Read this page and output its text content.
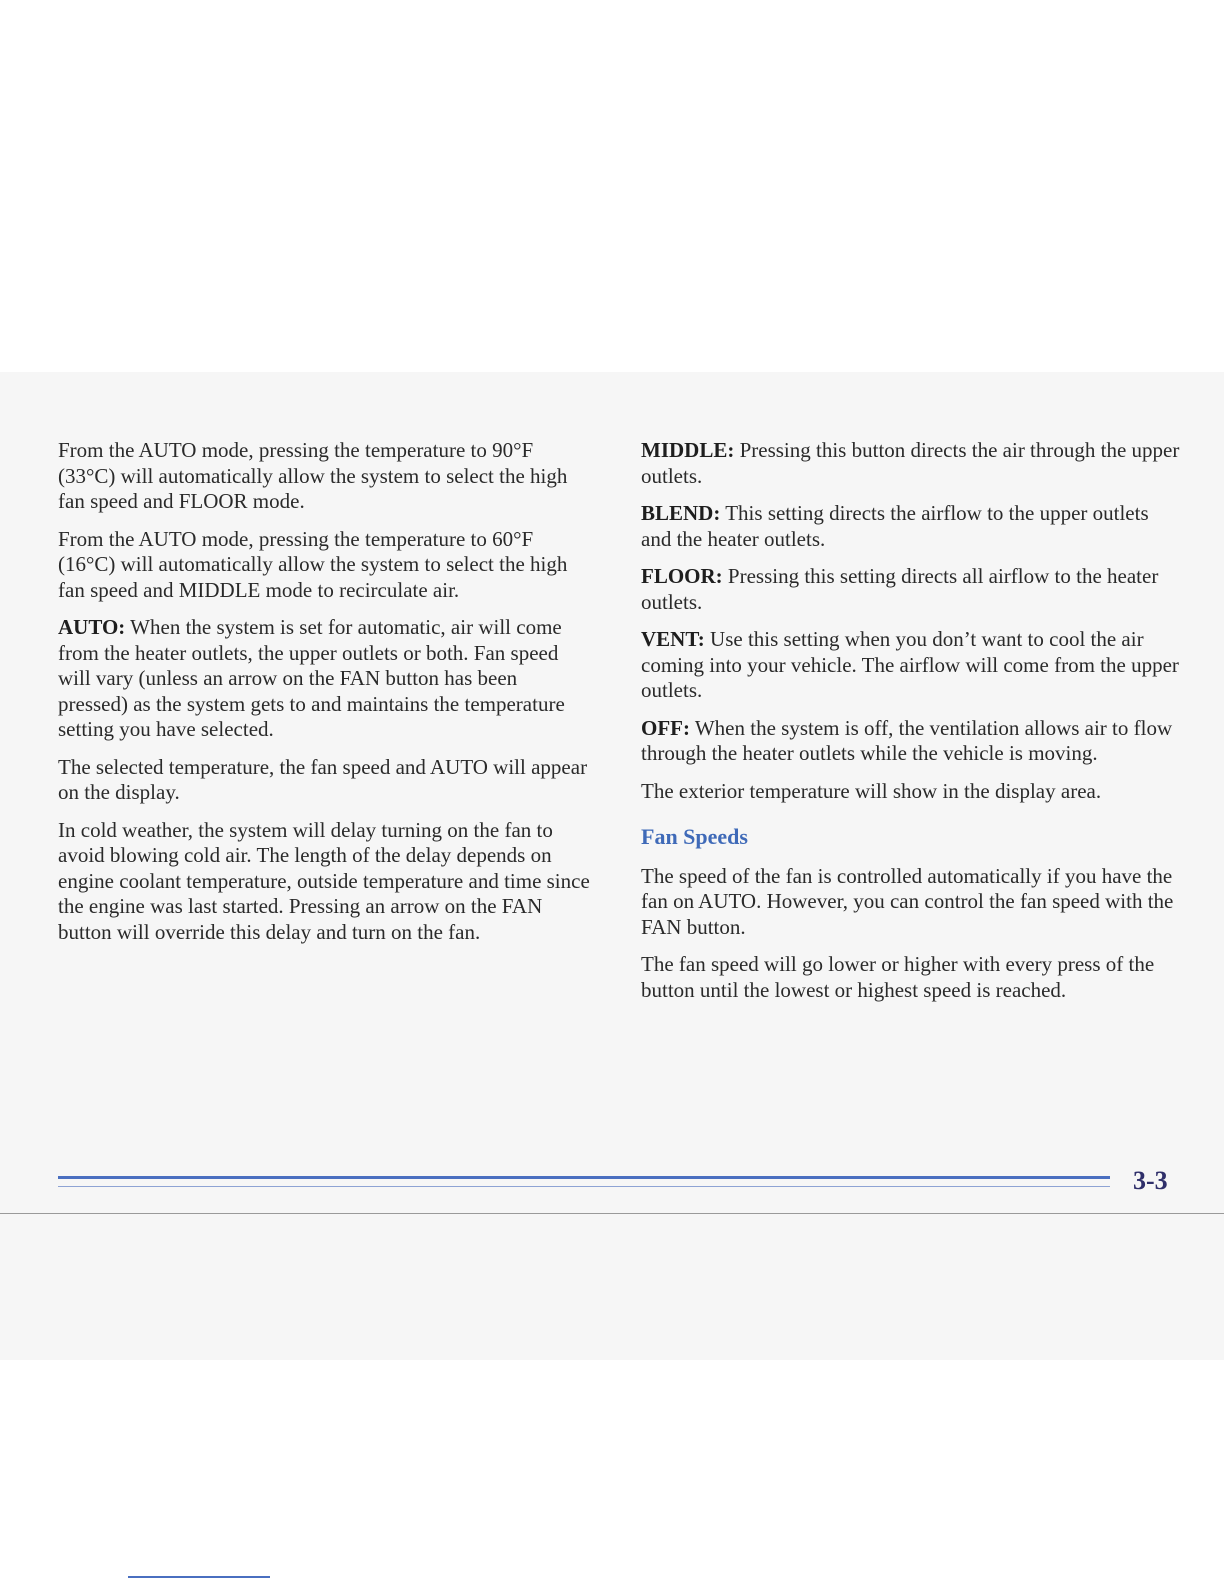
From the AUTO mode, pressing the temperature to 90°F (33°C) will automatically allow the system to select the high fan speed and FLOOR mode.

From the AUTO mode, pressing the temperature to 60°F (16°C) will automatically allow the system to select the high fan speed and MIDDLE mode to recirculate air.

AUTO: When the system is set for automatic, air will come from the heater outlets, the upper outlets or both. Fan speed will vary (unless an arrow on the FAN button has been pressed) as the system gets to and maintains the temperature setting you have selected.

The selected temperature, the fan speed and AUTO will appear on the display.

In cold weather, the system will delay turning on the fan to avoid blowing cold air. The length of the delay depends on engine coolant temperature, outside temperature and time since the engine was last started. Pressing an arrow on the FAN button will override this delay and turn on the fan.

MIDDLE: Pressing this button directs the air through the upper outlets.

BLEND: This setting directs the airflow to the upper outlets and the heater outlets.

FLOOR: Pressing this setting directs all airflow to the heater outlets.

VENT: Use this setting when you don’t want to cool the air coming into your vehicle. The airflow will come from the upper outlets.

OFF: When the system is off, the ventilation allows air to flow through the heater outlets while the vehicle is moving.

The exterior temperature will show in the display area.

Fan Speeds

The speed of the fan is controlled automatically if you have the fan on AUTO. However, you can control the fan speed with the FAN button.

The fan speed will go lower or higher with every press of the button until the lowest or highest speed is reached.

3-3
